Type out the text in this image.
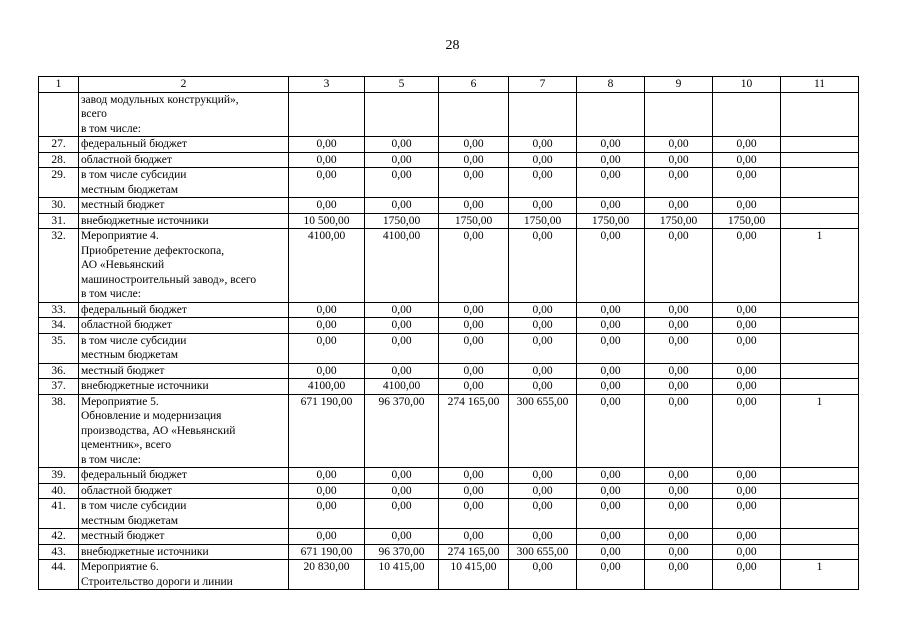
28
1	2	3	5	6	7	8	9	10	11

	завод модульных конструкций»,
всего
в том числе:								

27.	федеральный бюджет	0,00	0,00	0,00	0,00	0,00	0,00	0,00	
28.	областной бюджет	0,00	0,00	0,00	0,00	0,00	0,00	0,00	
29.	в том числе субсидии
местным бюджетам	0,00	0,00	0,00	0,00	0,00	0,00	0,00	
30.	местный бюджет	0,00	0,00	0,00	0,00	0,00	0,00	0,00	
31.	внебюджетные источники	10 500,00	1750,00	1750,00	1750,00	1750,00	1750,00	1750,00	
32.	Мероприятие 4.
Приобретение дефектоскопа,
АО «Невьянский
машиностроительный завод», всего
в том числе:	4100,00	4100,00	0,00	0,00	0,00	0,00	0,00	1
33.	федеральный бюджет	0,00	0,00	0,00	0,00	0,00	0,00	0,00	
34.	областной бюджет	0,00	0,00	0,00	0,00	0,00	0,00	0,00	
35.	в том числе субсидии
местным бюджетам	0,00	0,00	0,00	0,00	0,00	0,00	0,00	
36.	местный бюджет	0,00	0,00	0,00	0,00	0,00	0,00	0,00	
37.	внебюджетные источники	4100,00	4100,00	0,00	0,00	0,00	0,00	0,00	
38.	Мероприятие 5.
Обновление и модернизация
производства, АО «Невьянский
цементник», всего
в том числе:	671 190,00	96 370,00	274 165,00	300 655,00	0,00	0,00	0,00	1
39.	федеральный бюджет	0,00	0,00	0,00	0,00	0,00	0,00	0,00	
40.	областной бюджет	0,00	0,00	0,00	0,00	0,00	0,00	0,00	
41.	в том числе субсидии
местным бюджетам	0,00	0,00	0,00	0,00	0,00	0,00	0,00	
42.	местный бюджет	0,00	0,00	0,00	0,00	0,00	0,00	0,00	
43.	внебюджетные источники	671 190,00	96 370,00	274 165,00	300 655,00	0,00	0,00	0,00	
44.	Мероприятие 6.
Строительство дороги и линии	20 830,00	10 415,00	10 415,00	0,00	0,00	0,00	0,00	1
